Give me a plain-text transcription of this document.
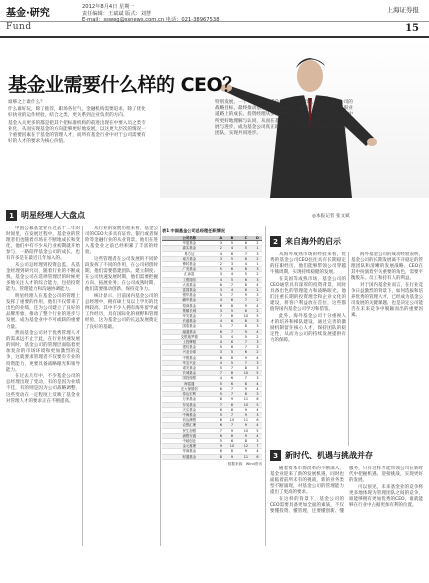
基金·研究
2012年8月4日 星期一
责任编辑：王斌斌 版式：刘慧
E-mail：ssweg@ssnews.com.cn 电话：021-38967538
上海证券报
Fund	15
基金业需要什么样的 CEO？

谁够之上谁什么？

什么谁好玩，除了推荐，职场各位气，金融机构需要追求，除了优化好执业的运作经验，结合之类，更关系到企业负责的方向。

基金入关更多的都是把其个把标准机构的前进出现在中要入员之类专业化，从而实现基金的方向能够更好地发展，以这更大层次的情况一个重要因素在于基金的管理人才，而所有基金行业中对于公司需要有好的人才的要求为核心价值。

特别发展，一个人，擅长或者负责实现运营管理，建设本基金公司的战略目标，最终推动基金业的长期发展，同时还不断推动自己在职业道路上的成长。投资经理从多方面更加走到以前，更是将企业文化中所更好地理解与认同，从而在基金公司业务中更多地引导公司持续发展与进步，成为基金公司真正的CEO，与其他的人员形成互相配合的团队，实现共同进步。
◎本报记者 张文斌
1 明星经理人大盘点

中国公募基金业在过去十二年的时间里，在发展过程中，基金业的管理者们也随着市场在不断地成长和变化，他们中有不少从行业初期就开始参与，一路陪伴基金公司的成长，也有许多是在最近几年加入的。

从公司总经理到投资总监，从基金经理到研究员，随着行业的不断成熟，基金公司在选择管理层的时候更多地关注人才的综合能力，包括投资能力、管理能力和沟通协调能力。

明星经理人在基金公司的管理上发挥了重要的作用，他们不仅带来了出色的业绩，还为公司建立了良好的品牌形象，推动了整个行业的进步与发展，成为基金业中不可或缺的重要力量。

然而基金公司对于优秀管理人才的需求远不止于此，在行业快速发展的同时，基金公司的管理层面临着更加复杂的市场环境和更加激烈的竞争，这就要求管理者不仅要有专业的投资能力，更要具备战略眼光和领导能力。

在过去几年中，不少基金公司的总经理出现了变动，有的是因为业绩不佳，有的则是因为公司战略调整，这些变动在一定程度上反映了基金业对管理人才的要求正在不断提高。

从行业的发展历程来看，基金公司的CEO大多具有证券、银行或者保险等金融行业的从业背景，他们在进入基金业之前已经积累了丰富的经验。

这些管理者在公司发展的不同阶段发挥了不同的作用，在公司初创时期，他们需要搭建团队、建立制度；在公司快速发展时期，他们需要把握方向、拓展业务；在公司成熟时期，他们需要推动创新、保持竞争力。

统计显示，目前国内基金公司的总经理中，拥有硕士及以上学历的比例较高，其中不少人拥有海外留学或工作经历，具有国际化的视野和管理经验，这为基金公司的长远发展奠定了良好的基础。

表1 中国基金公司总经理任职情况
公司名称	A	B	C	D
华夏基金	3	5	6	2
嘉实基金	2	4	5	1
易方达	4	6	7	3
南方基金	3	5	6	2
博时基金	2	3	4	1
广发基金	5	6	8	3
汇添富	3	4	5	2
工银瑞信	4	5	6	3
大成基金	6	7	8	4
富国基金	3	4	6	2
银华基金	5	7	9	3
鹏华基金	4	6	7	2
招商基金	6	8	9	4
景顺长城	3	5	6	2
华安基金	7	8	10	5
长盛基金	4	6	8	3
国泰基金	5	7	8	3
融通基金	6	7	9	4
交银施罗德	3	4	5	2
上投摩根	4	6	7	3
建信基金	5	6	7	3
兴业全球	3	5	6	2
中银基金	6	8	9	4
华宝兴业	4	5	7	3
诺安基金	5	7	8	3
长城基金	7	8	10	5
国投瑞银	4	6	7	3
海富通	5	6	8	4
光大保德信	6	7	9	4
泰达宏利	5	7	8	3
万家基金	8	9	11	6
东吴基金	7	8	10	5
天弘基金	6	8	9	4
中海基金	5	7	9	3
信达澳银	8	10	11	6
农银汇理	6	7	9	4
民生加银	7	9	10	5
浦银安盛	6	8	9	4
中邮创业	5	6	8	3
金元惠理	9	10	12	7
华商基金	6	8	9	4
财通基金	8	9	11	6
数据来源：Wind资讯
2 来自海外的启示

从海外成熟市场的经验来看，优秀的基金公司CEO往往具有长期稳定的任职经历，他们能够带领公司穿越牛熊周期，实现持续稳健的发展。

在美国等成熟市场，基金公司的CEO通常具有深厚的投资背景，同时具备出色的管理能力和战略眼光，他们注重长期的投资理念和企业文化的建设，将客户利益放在首位，这些都值得国内基金公司学习和借鉴。

此外，海外基金公司十分重视人才的培养和梯队建设，通过完善的激励机制留住核心人才，保持团队的稳定性，从而为公司的持续发展提供有力的保障。

海外基金公司的成功经验表明，基金公司的长期发展离不开稳定的管理团队和清晰的发展战略，CEO在其中扮演着至关重要的角色，需要平衡股东、员工和持有人的利益。

对于国内基金业而言，在行业竞争日益激烈的背景下，如何选拔和培养优秀的管理人才，已经成为基金公司发展的关键课题，也是决定公司能否在未来竞争中脱颖而出的重要因素。

3 新时代、机遇与挑战并存

随着资本市场改革的不断深入，基金业迎来了新的发展机遇，同时也面临着前所未有的挑战，新的业务类型不断涌现，对基金公司的管理能力提出了更高的要求。

在这样的背景下，基金公司的CEO需要具备更加全面的素质，不仅要懂投资、懂管理，还要懂创新、懂服务，只有这样才能带领公司在新时代中把握机遇、迎接挑战，实现更好的发展。

可以预见，未来基金业的竞争将更多地体现为管理团队之间的竞争，谁能够拥有更加优秀的CEO，谁就能够在行业中占据更加有利的位置。
